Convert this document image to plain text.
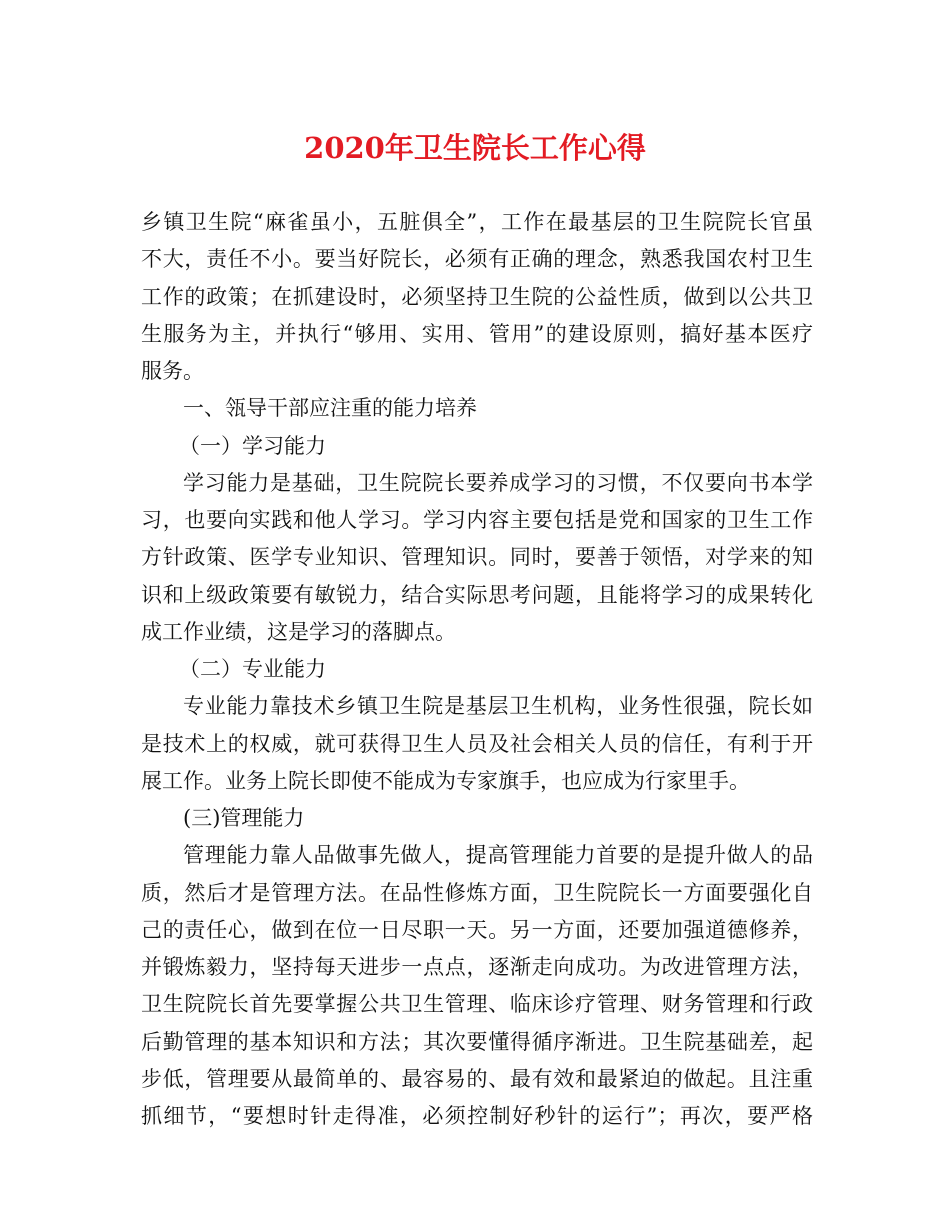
2020年卫生院长工作心得
乡镇卫生院“麻雀虽小，五脏俱全”，工作在最基层的卫生院院长官虽
不大，责任不小。要当好院长，必须有正确的理念，熟悉我国农村卫生
工作的政策；在抓建设时，必须坚持卫生院的公益性质，做到以公共卫
生服务为主，并执行“够用、实用、管用”的建设原则，搞好基本医疗
服务。
一、瓴导干部应注重的能力培养
（一）学习能力
学习能力是基础，卫生院院长要养成学习的习惯，不仅要向书本学
习，也要向实践和他人学习。学习内容主要包括是党和国家的卫生工作
方针政策、医学专业知识、管理知识。同时，要善于领悟，对学来的知
识和上级政策要有敏锐力，结合实际思考问题，且能将学习的成果转化
成工作业绩，这是学习的落脚点。
（二）专业能力
专业能力靠技术乡镇卫生院是基层卫生机构，业务性很强，院长如
是技术上的权威，就可获得卫生人员及社会相关人员的信任，有利于开
展工作。业务上院长即使不能成为专家旗手，也应成为行家里手。
(三)管理能力
管理能力靠人品做事先做人，提高管理能力首要的是提升做人的品
质，然后才是管理方法。在品性修炼方面，卫生院院长一方面要强化自
己的责任心，做到在位一日尽职一天。另一方面，还要加强道德修养，
并锻炼毅力，坚持每天进步一点点，逐渐走向成功。为改进管理方法，
卫生院院长首先要掌握公共卫生管理、临床诊疗管理、财务管理和行政
后勤管理的基本知识和方法；其次要懂得循序渐进。卫生院基础差，起
步低，管理要从最简单的、最容易的、最有效和最紧迫的做起。且注重
抓细节，“要想时针走得准，必须控制好秒针的运行”；再次，要严格
